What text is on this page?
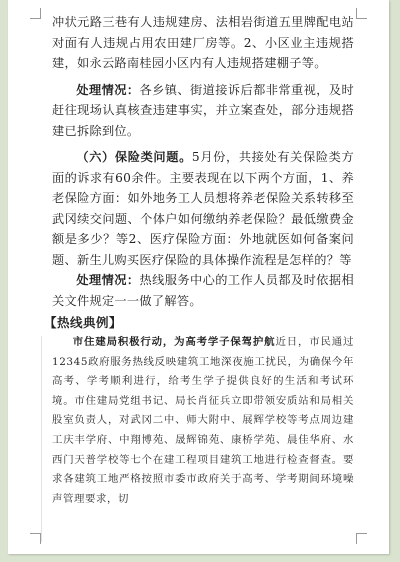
冲状元路三巷有人违规建房、法相岩街道五里牌配电站对面有人违规占用农田建厂房等。2、小区业主违规搭建，如永云路南桂园小区内有人违规搭建棚子等。

处理情况：各乡镇、街道接诉后都非常重视，及时赶往现场认真核查违建事实，并立案查处，部分违规搭建已拆除到位。

（六）保险类问题。5月份，共接处有关保险类方面的诉求有60余件。主要表现在以下两个方面，1、养老保险方面：如外地务工人员想将养老保险关系转移至武冈续交问题、个体户如何缴纳养老保险？最低缴费金额是多少？等2、医疗保险方面：外地就医如何备案问题、新生儿购买医疗保险的具体操作流程是怎样的？等

处理情况：热线服务中心的工作人员都及时依据相关文件规定一一做了解答。

【热线典例】

市住建局积极行动，为高考学子保驾护航近日，市民通过12345政府服务热线反映建筑工地深夜施工扰民，为确保今年高考、学考顺利进行，给考生学子提供良好的生活和考试环境。市住建局党组书记、局长肖征兵立即带领安质站和局相关股室负责人，对武冈二中、师大附中、展辉学校等考点周边建工庆丰学府、中翔博苑、晟辉锦苑、康桥学苑、晨佳华府、水西门天普学校等七个在建工程项目建筑工地进行检查督查。要求各建筑工地严格按照市委市政府关于高考、学考期间环境噪声管理要求，切
